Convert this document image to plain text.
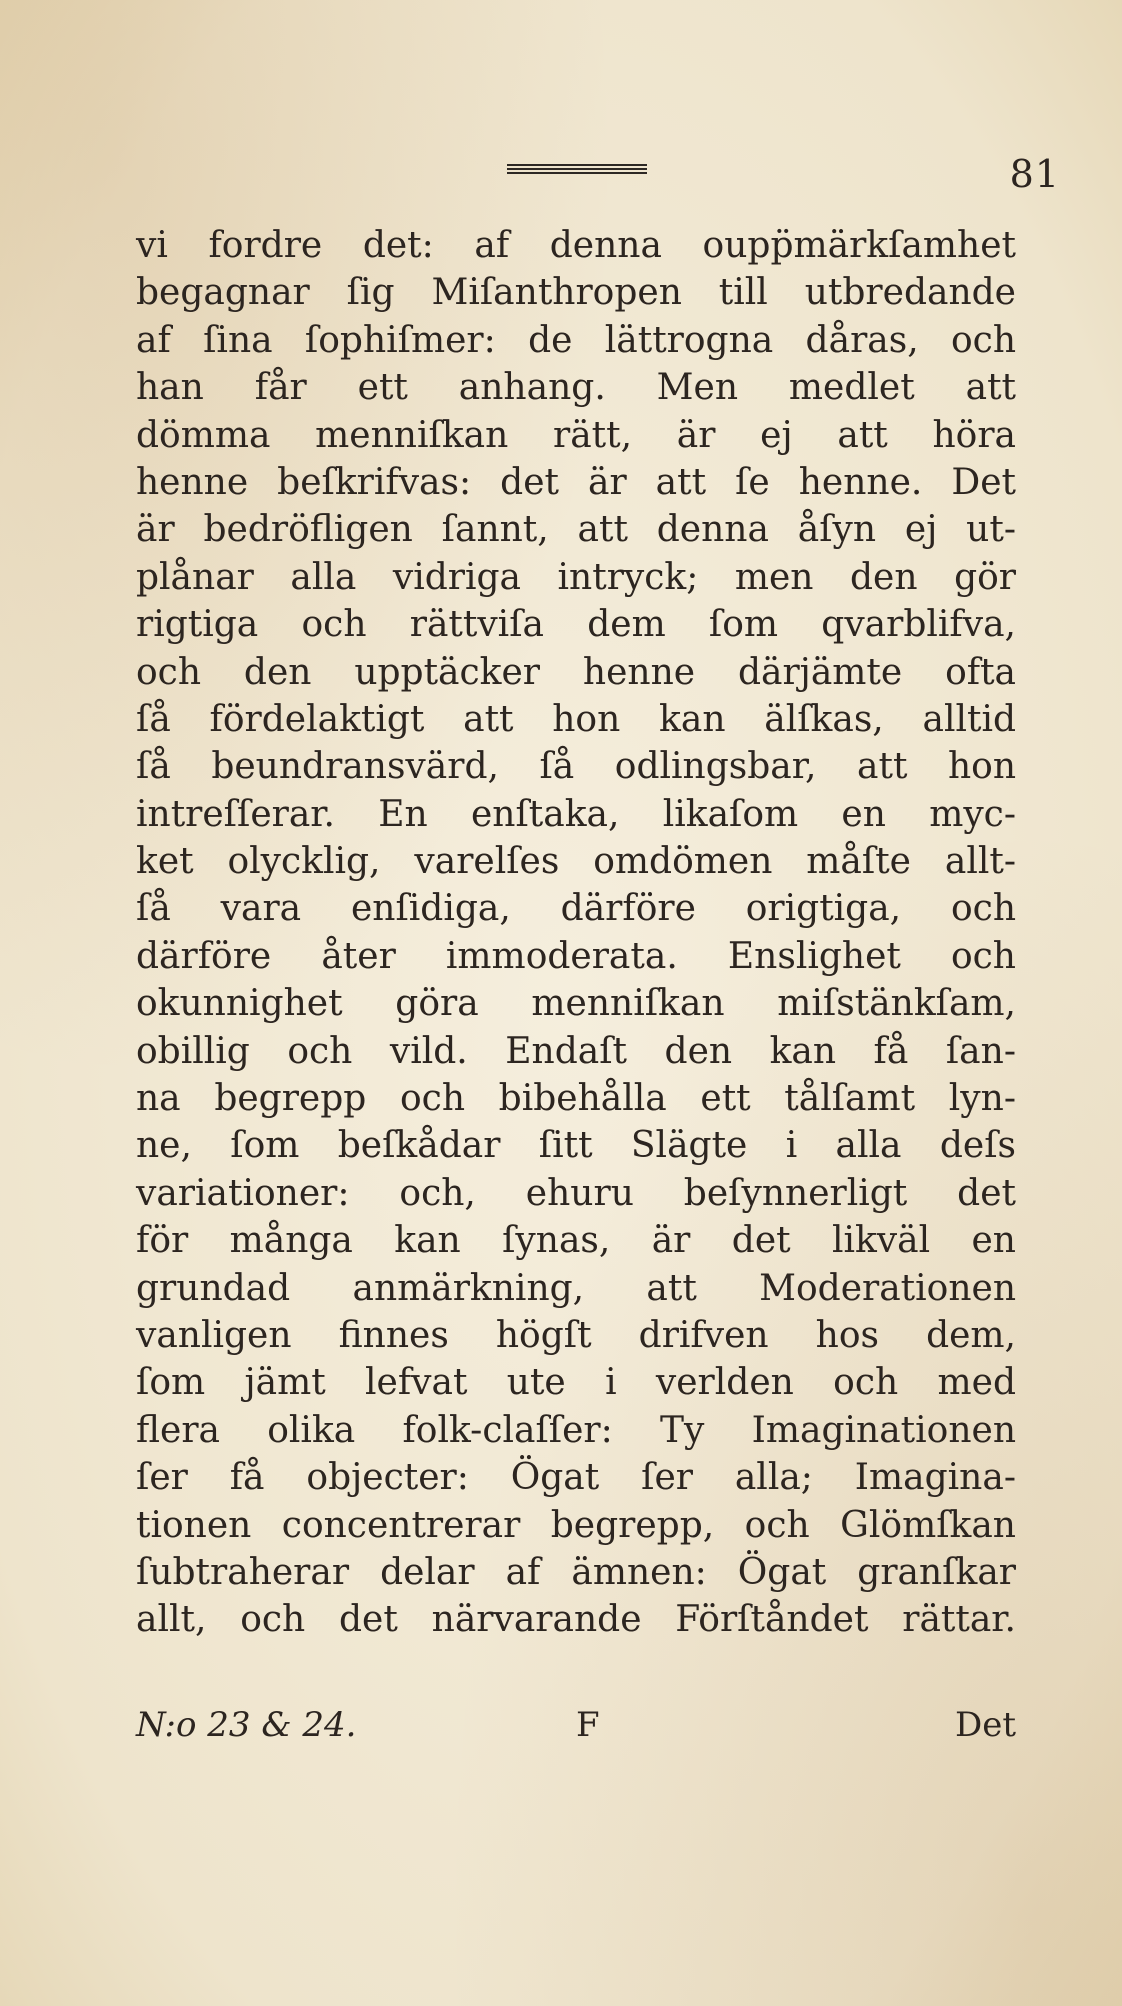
81
vi fordre det: af denna oupp̈märkſamhet
begagnar ſig Miſanthropen till utbredande
af ſina ſophiſmer: de lättrogna dåras, och
han får ett anhang. Men medlet att
dömma menniſkan rätt, är ej att höra
henne beſkrifvas: det är att ſe henne. Det
är bedröfligen ſannt, att denna åſyn ej ut-
plånar alla vidriga intryck; men den gör
rigtiga och rättviſa dem ſom qvarblifva,
och den upptäcker henne därjämte ofta
ſå fördelaktigt att hon kan älſkas, alltid
ſå beundransvärd, ſå odlingsbar, att hon
intreſſerar. En enſtaka, likaſom en myc-
ket olycklig, varelſes omdömen måſte allt-
ſå vara enſidiga, därföre origtiga, och
därföre åter immoderata. Enslighet och
okunnighet göra menniſkan miſstänkſam,
obillig och vild. Endaſt den kan få ſan-
na begrepp och bibehålla ett tålſamt lyn-
ne, ſom beſkådar ſitt Slägte i alla deſs
variationer: och, ehuru beſynnerligt det
för många kan ſynas, är det likväl en
grundad anmärkning, att Moderationen
vanligen finnes högſt drifven hos dem,
ſom jämt lefvat ute i verlden och med
flera olika folk-claſſer: Ty Imaginationen
ſer få objecter: Ögat ſer alla; Imagina-
tionen concentrerar begrepp, och Glömſkan
ſubtraherar delar af ämnen: Ögat granſkar
allt, och det närvarande Förſtåndet rättar.
N:o 23 & 24.	F	Det
